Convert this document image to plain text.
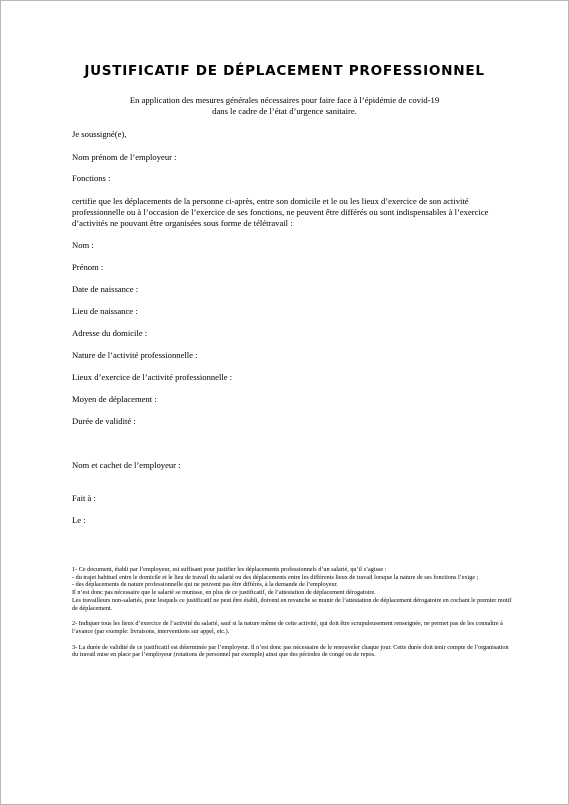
JUSTIFICATIF DE DÉPLACEMENT PROFESSIONNEL
En application des mesures générales nécessaires pour faire face à l’épidémie de covid-19
dans le cadre de l’état d’urgence sanitaire.
Je soussigné(e),
Nom prénom de l’employeur :
Fonctions :
certifie que les déplacements de la personne ci-après, entre son domicile et le ou les lieux d’exercice de son activité professionnelle ou à l’occasion de l’exercice de ses fonctions, ne peuvent être différés ou sont indispensables à l’exercice d’activités ne pouvant être organisées sous forme de télétravail :
Nom :
Prénom :
Date de naissance :
Lieu de naissance :
Adresse du domicile :
Nature de l’activité professionnelle :
Lieux d’exercice de l’activité professionnelle :
Moyen de déplacement :
Durée de validité :
Nom et cachet de l’employeur :
Fait à :
Le :

1- Ce document, établi par l’employeur, est suffisant pour justifier les déplacements professionnels d’un salarié, qu’il s’agisse :

- du trajet habituel entre le domicile et le lieu de travail du salarié ou des déplacements entre les différents lieux de travail lorsque la nature de ses fonctions l’exige ;

- des déplacements de nature professionnelle qui ne peuvent pas être différés, à la demande de l’employeur.

Il n’est donc pas nécessaire que le salarié se munisse, en plus de ce justificatif, de l’attestation de déplacement dérogatoire.

Les travailleurs non-salariés, pour lesquels ce justificatif ne peut être établi, doivent en revanche se munir de l’attestation de déplacement dérogatoire en cochant le premier motif de déplacement.

2- Indiquer tous les lieux d’exercice de l’activité du salarié, sauf si la nature même de cette activité, qui doit être scrupuleusement renseignée, ne permet pas de les connaître à l’avance (par exemple: livraisons, interventions sur appel, etc.).

3- La durée de validité de ce justificatif est déterminée par l’employeur. Il n’est donc pas nécessaire de le renouveler chaque jour. Cette durée doit tenir compte de l’organisation du travail mise en place par l’employeur (rotations de personnel par exemple) ainsi que des périodes de congé ou de repos.
